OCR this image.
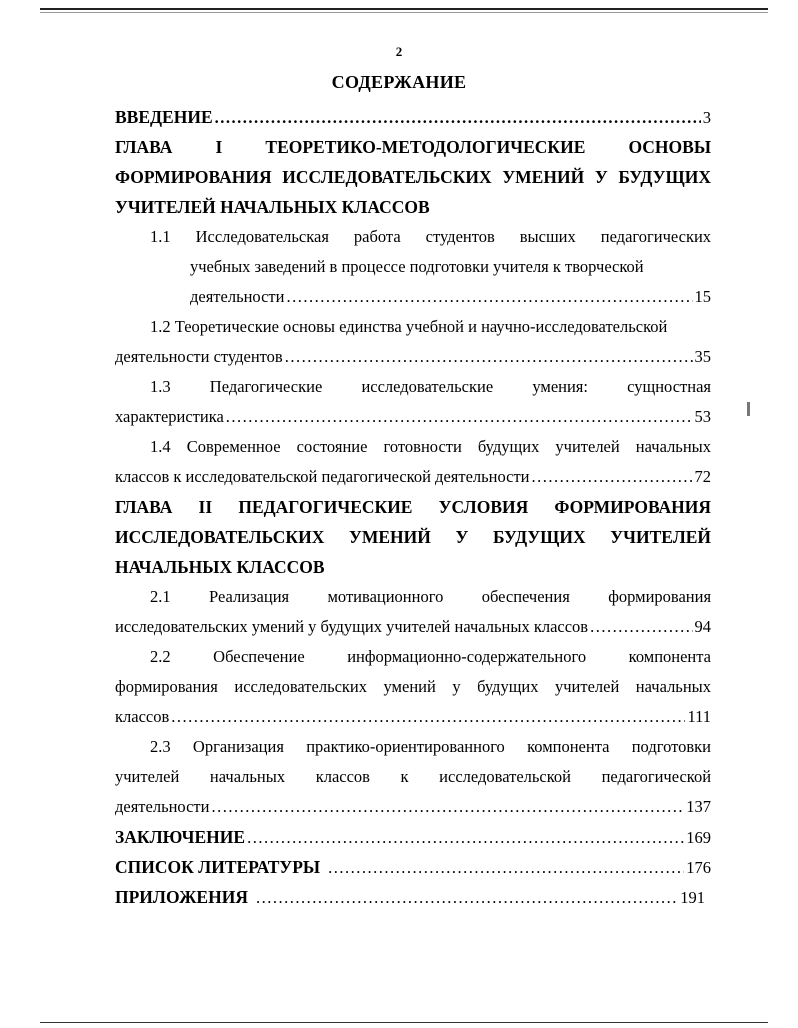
2
СОДЕРЖАНИЕ
ВВЕДЕНИЕ .....	3
ГЛАВА I ТЕОРЕТИКО-МЕТОДОЛОГИЧЕСКИЕ ОСНОВЫ
ФОРМИРОВАНИЯ ИССЛЕДОВАТЕЛЬСКИХ УМЕНИЙ У БУДУЩИХ
УЧИТЕЛЕЙ НАЧАЛЬНЫХ КЛАССОВ
1.1 Исследовательская работа студентов высших педагогических
учебных заведений в процессе подготовки учителя к творческой
деятельности .....	15
1.2 Теоретические основы единства учебной и научно-исследовательской
деятельности студентов .....	35
1.3 Педагогические исследовательские умения: сущностная
характеристика .....	53
1.4 Современное состояние готовности будущих учителей начальных
классов к исследовательской педагогической деятельности .....	72
ГЛАВА II ПЕДАГОГИЧЕСКИЕ УСЛОВИЯ ФОРМИРОВАНИЯ
ИССЛЕДОВАТЕЛЬСКИХ УМЕНИЙ У БУДУЩИХ УЧИТЕЛЕЙ
НАЧАЛЬНЫХ КЛАССОВ
2.1 Реализация мотивационного обеспечения формирования
исследовательских умений у будущих учителей начальных классов .....	94
2.2	Обеспечение	информационно-содержательного	компонента
формирования исследовательских умений у будущих учителей начальных
классов .....	111
2.3 Организация практико-ориентированного компонента подготовки
учителей начальных классов к исследовательской педагогической
деятельности .....	137
ЗАКЛЮЧЕНИЕ .....	169
СПИСОК ЛИТЕРАТУРЫ .....	176
ПРИЛОЖЕНИЯ .....	191
